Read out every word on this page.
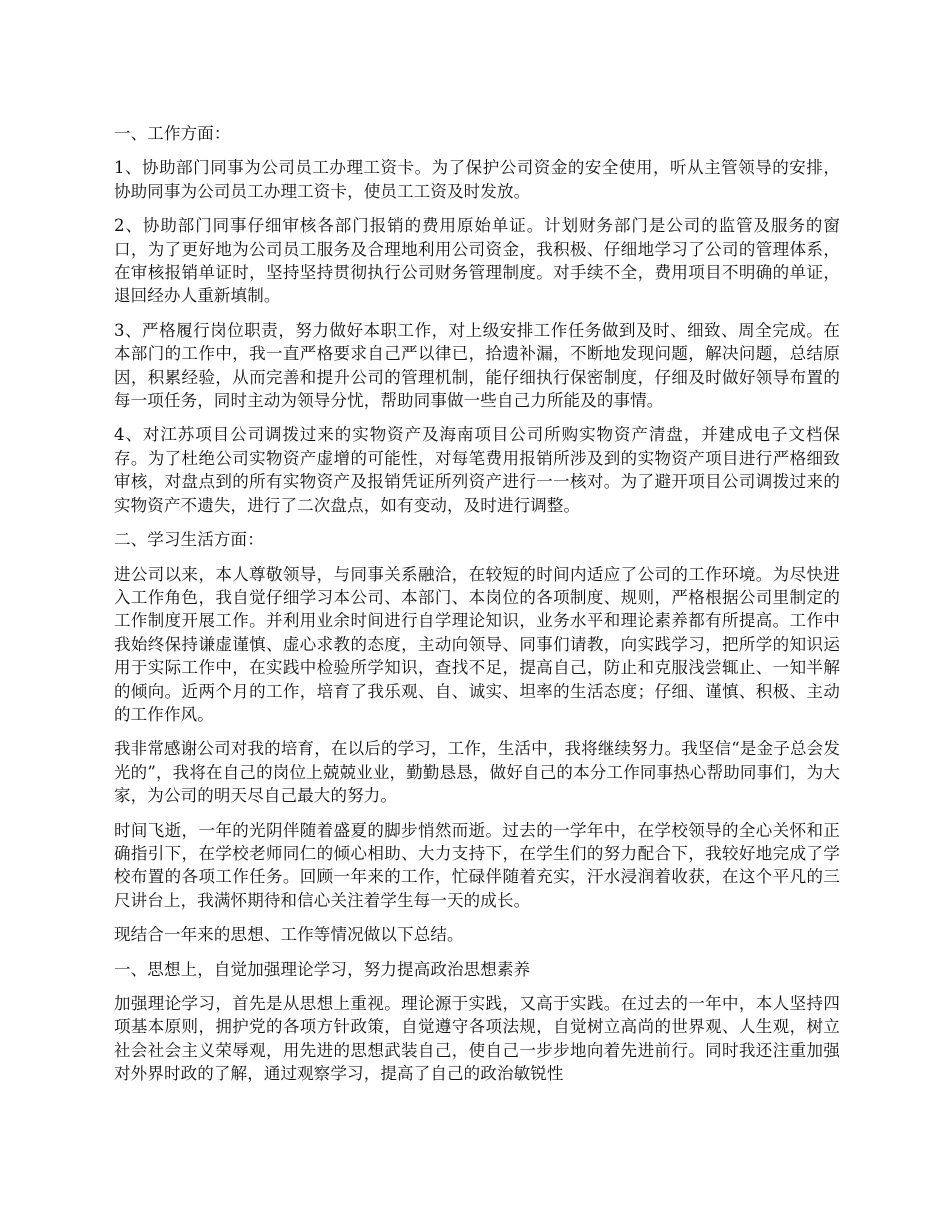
一、工作方面：

1、协助部门同事为公司员工办理工资卡。为了保护公司资金的安全使用，听从主管领导的安排，协助同事为公司员工办理工资卡，使员工工资及时发放。

2、协助部门同事仔细审核各部门报销的费用原始单证。计划财务部门是公司的监管及服务的窗口，为了更好地为公司员工服务及合理地利用公司资金，我积极、仔细地学习了公司的管理体系，在审核报销单证时，坚持坚持贯彻执行公司财务管理制度。对手续不全，费用项目不明确的单证，退回经办人重新填制。

3、严格履行岗位职责，努力做好本职工作，对上级安排工作任务做到及时、细致、周全完成。在本部门的工作中，我一直严格要求自己严以律已，拾遗补漏，不断地发现问题，解决问题，总结原因，积累经验，从而完善和提升公司的管理机制，能仔细执行保密制度，仔细及时做好领导布置的每一项任务，同时主动为领导分忧，帮助同事做一些自己力所能及的事情。

4、对江苏项目公司调拨过来的实物资产及海南项目公司所购实物资产清盘，并建成电子文档保存。为了杜绝公司实物资产虚增的可能性，对每笔费用报销所涉及到的实物资产项目进行严格细致审核，对盘点到的所有实物资产及报销凭证所列资产进行一一核对。为了避开项目公司调拨过来的实物资产不遗失，进行了二次盘点，如有变动，及时进行调整。

二、学习生活方面：

进公司以来，本人尊敬领导，与同事关系融洽，在较短的时间内适应了公司的工作环境。为尽快进入工作角色，我自觉仔细学习本公司、本部门、本岗位的各项制度、规则，严格根据公司里制定的工作制度开展工作。并利用业余时间进行自学理论知识，业务水平和理论素养都有所提高。工作中我始终保持谦虚谨慎、虚心求教的态度，主动向领导、同事们请教，向实践学习，把所学的知识运用于实际工作中，在实践中检验所学知识，查找不足，提高自己，防止和克服浅尝辄止、一知半解的倾向。近两个月的工作，培育了我乐观、自、诚实、坦率的生活态度；仔细、谨慎、积极、主动的工作作风。

我非常感谢公司对我的培育，在以后的学习，工作，生活中，我将继续努力。我坚信“是金子总会发光的”，我将在自己的岗位上兢兢业业，勤勤恳恳，做好自己的本分工作同事热心帮助同事们，为大家，为公司的明天尽自己最大的努力。

时间飞逝，一年的光阴伴随着盛夏的脚步悄然而逝。过去的一学年中，在学校领导的全心关怀和正确指引下，在学校老师同仁的倾心相助、大力支持下，在学生们的努力配合下，我较好地完成了学校布置的各项工作任务。回顾一年来的工作，忙碌伴随着充实，汗水浸润着收获，在这个平凡的三尺讲台上，我满怀期待和信心关注着学生每一天的成长。

现结合一年来的思想、工作等情况做以下总结。

一、思想上，自觉加强理论学习，努力提高政治思想素养

加强理论学习，首先是从思想上重视。理论源于实践，又高于实践。在过去的一年中，本人坚持四项基本原则，拥护党的各项方针政策，自觉遵守各项法规，自觉树立高尚的世界观、人生观，树立社会社会主义荣辱观，用先进的思想武装自己，使自己一步步地向着先进前行。同时我还注重加强对外界时政的了解，通过观察学习，提高了自己的政治敏锐性
